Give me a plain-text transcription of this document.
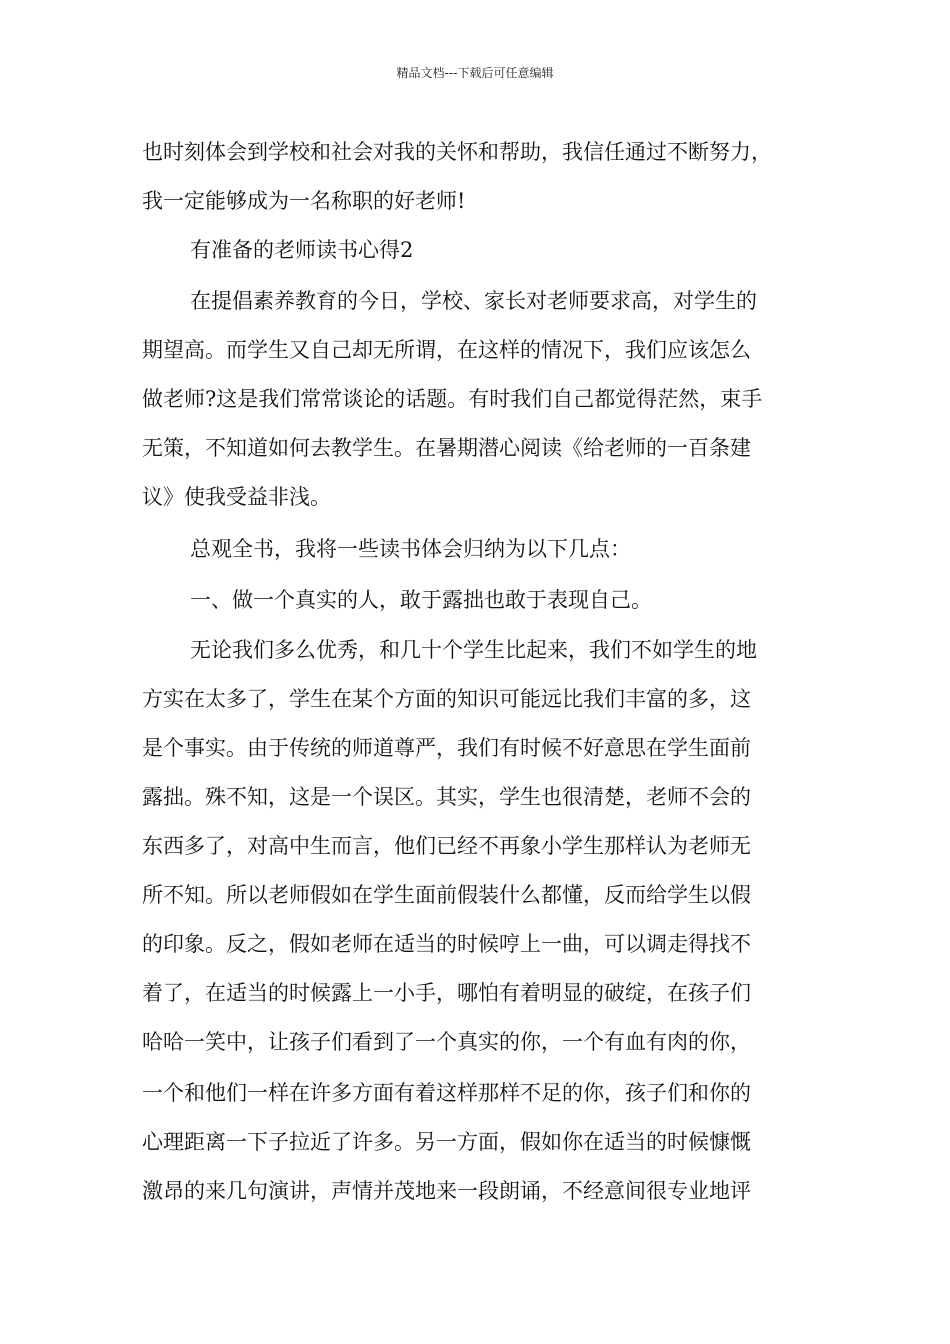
精品文档---下载后可任意编辑
也时刻体会到学校和社会对我的关怀和帮助，我信任通过不断努力，
我一定能够成为一名称职的好老师!
有准备的老师读书心得2
在提倡素养教育的今日，学校、家长对老师要求高，对学生的
期望高。而学生又自己却无所谓，在这样的情况下，我们应该怎么
做老师?这是我们常常谈论的话题。有时我们自己都觉得茫然，束手
无策，不知道如何去教学生。在暑期潜心阅读《给老师的一百条建
议》使我受益非浅。
总观全书，我将一些读书体会归纳为以下几点：
一、做一个真实的人，敢于露拙也敢于表现自己。
无论我们多么优秀，和几十个学生比起来，我们不如学生的地
方实在太多了，学生在某个方面的知识可能远比我们丰富的多，这
是个事实。由于传统的师道尊严，我们有时候不好意思在学生面前
露拙。殊不知，这是一个误区。其实，学生也很清楚，老师不会的
东西多了，对高中生而言，他们已经不再象小学生那样认为老师无
所不知。所以老师假如在学生面前假装什么都懂，反而给学生以假
的印象。反之，假如老师在适当的时候哼上一曲，可以调走得找不
着了，在适当的时候露上一小手，哪怕有着明显的破绽，在孩子们
哈哈一笑中，让孩子们看到了一个真实的你，一个有血有肉的你，
一个和他们一样在许多方面有着这样那样不足的你，孩子们和你的
心理距离一下子拉近了许多。另一方面，假如你在适当的时候慷慨
激昂的来几句演讲，声情并茂地来一段朗诵，不经意间很专业地评
